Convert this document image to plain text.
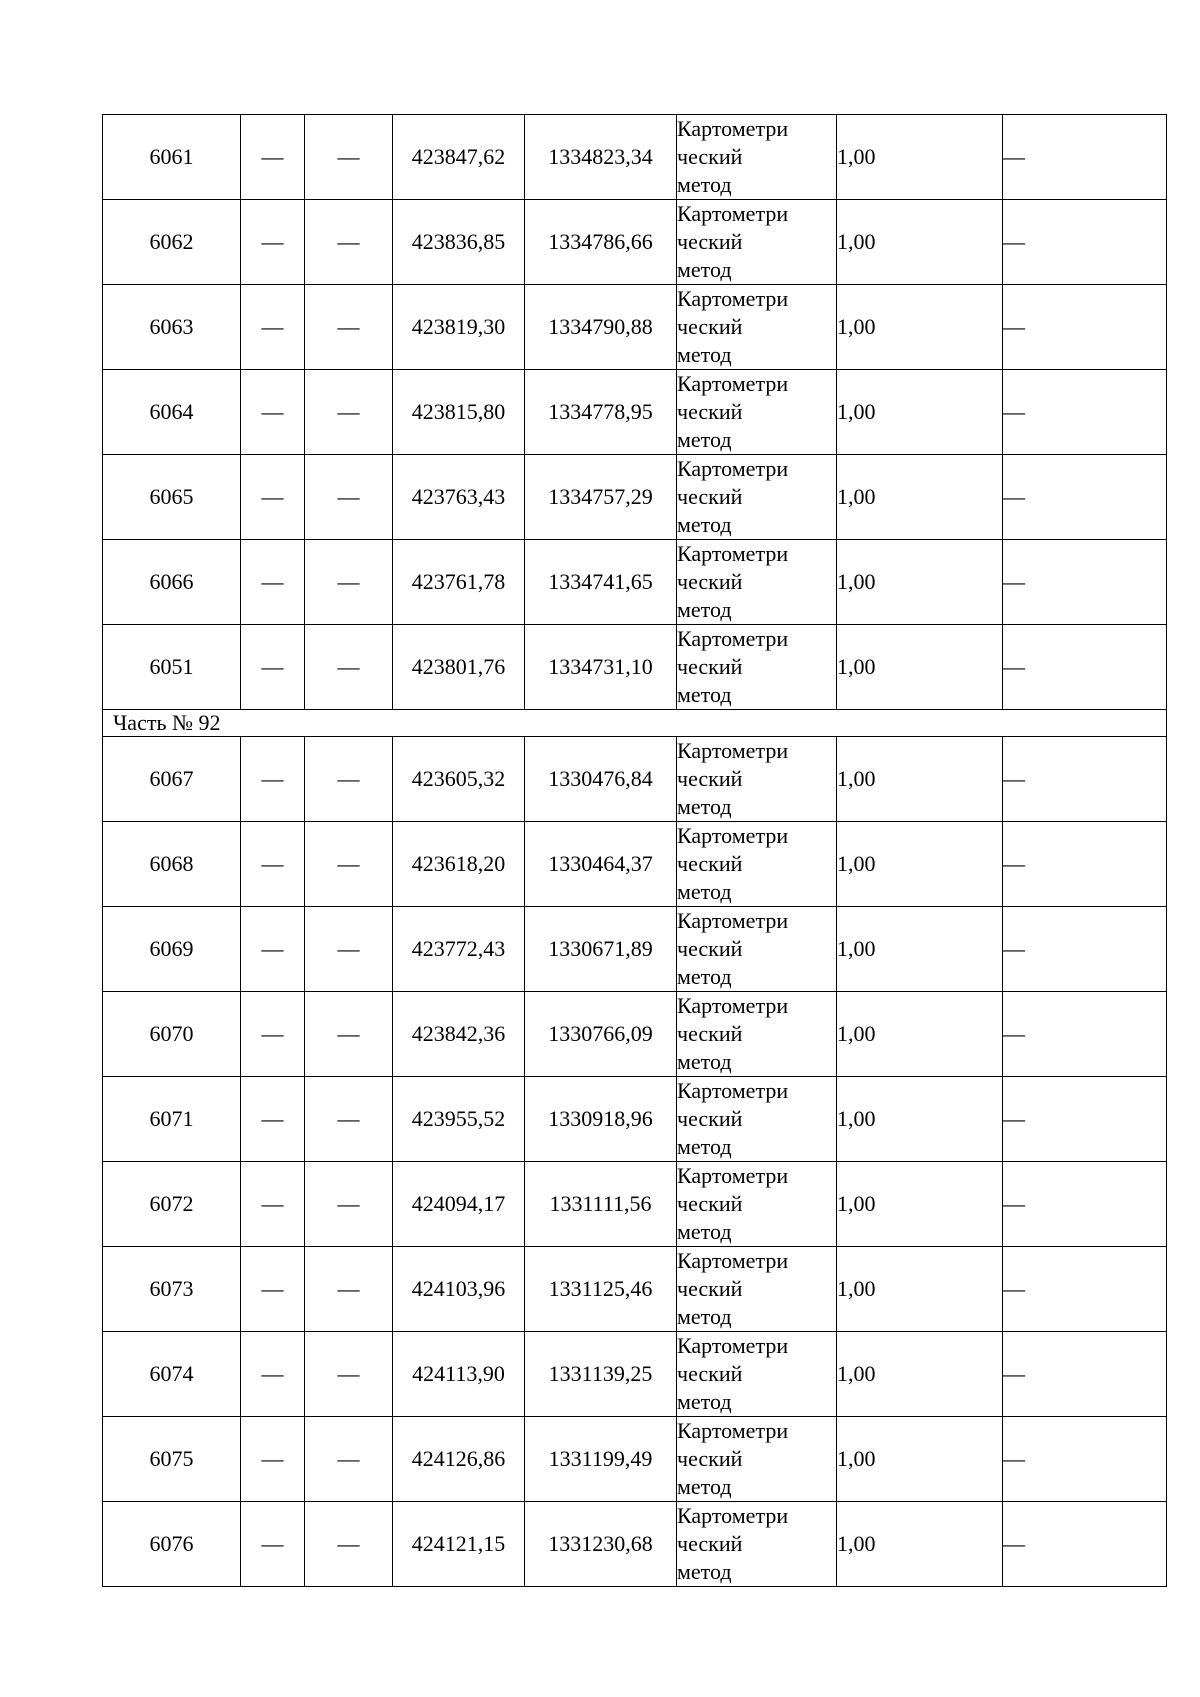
6061	—	—	423847,62	1334823,34	Картометри
ческий
метод	1,00	—
6062	—	—	423836,85	1334786,66	Картометри
ческий
метод	1,00	—
6063	—	—	423819,30	1334790,88	Картометри
ческий
метод	1,00	—
6064	—	—	423815,80	1334778,95	Картометри
ческий
метод	1,00	—
6065	—	—	423763,43	1334757,29	Картометри
ческий
метод	1,00	—
6066	—	—	423761,78	1334741,65	Картометри
ческий
метод	1,00	—
6051	—	—	423801,76	1334731,10	Картометри
ческий
метод	1,00	—
Часть № 92							
6067	—	—	423605,32	1330476,84	Картометри
ческий
метод	1,00	—
6068	—	—	423618,20	1330464,37	Картометри
ческий
метод	1,00	—
6069	—	—	423772,43	1330671,89	Картометри
ческий
метод	1,00	—
6070	—	—	423842,36	1330766,09	Картометри
ческий
метод	1,00	—
6071	—	—	423955,52	1330918,96	Картометри
ческий
метод	1,00	—
6072	—	—	424094,17	1331111,56	Картометри
ческий
метод	1,00	—
6073	—	—	424103,96	1331125,46	Картометри
ческий
метод	1,00	—
6074	—	—	424113,90	1331139,25	Картометри
ческий
метод	1,00	—
6075	—	—	424126,86	1331199,49	Картометри
ческий
метод	1,00	—
6076	—	—	424121,15	1331230,68	Картометри
ческий
метод	1,00	—
